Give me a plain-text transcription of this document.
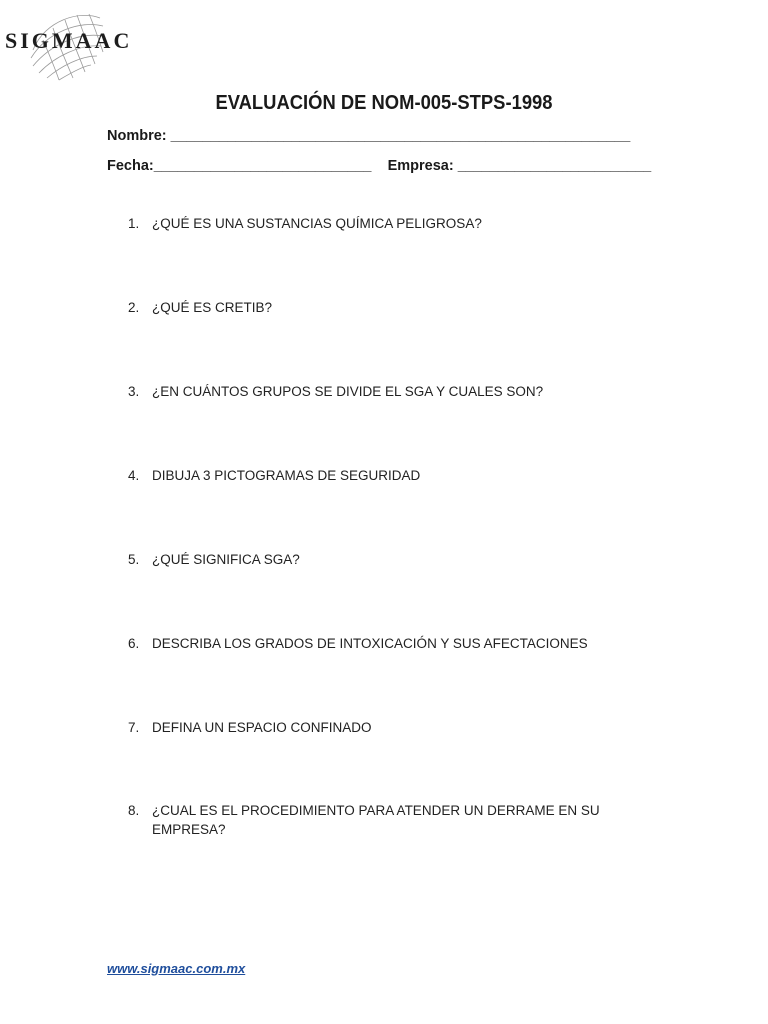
SIGMAAC
EVALUACIÓN DE NOM-005-STPS-1998
Nombre: _________________________________________________________
Fecha:___________________________    Empresa: ________________________
1. ¿QUÉ ES UNA SUSTANCIAS QUÍMICA PELIGROSA?
2. ¿QUÉ ES CRETIB?
3. ¿EN CUÁNTOS GRUPOS SE DIVIDE EL SGA Y CUALES SON?
4. DIBUJA 3 PICTOGRAMAS DE SEGURIDAD
5. ¿QUÉ SIGNIFICA SGA?
6. DESCRIBA LOS GRADOS DE INTOXICACIÓN Y SUS AFECTACIONES
7. DEFINA UN ESPACIO CONFINADO
8. ¿CUAL ES EL PROCEDIMIENTO PARA ATENDER UN DERRAME EN SU EMPRESA?
www.sigmaac.com.mx
